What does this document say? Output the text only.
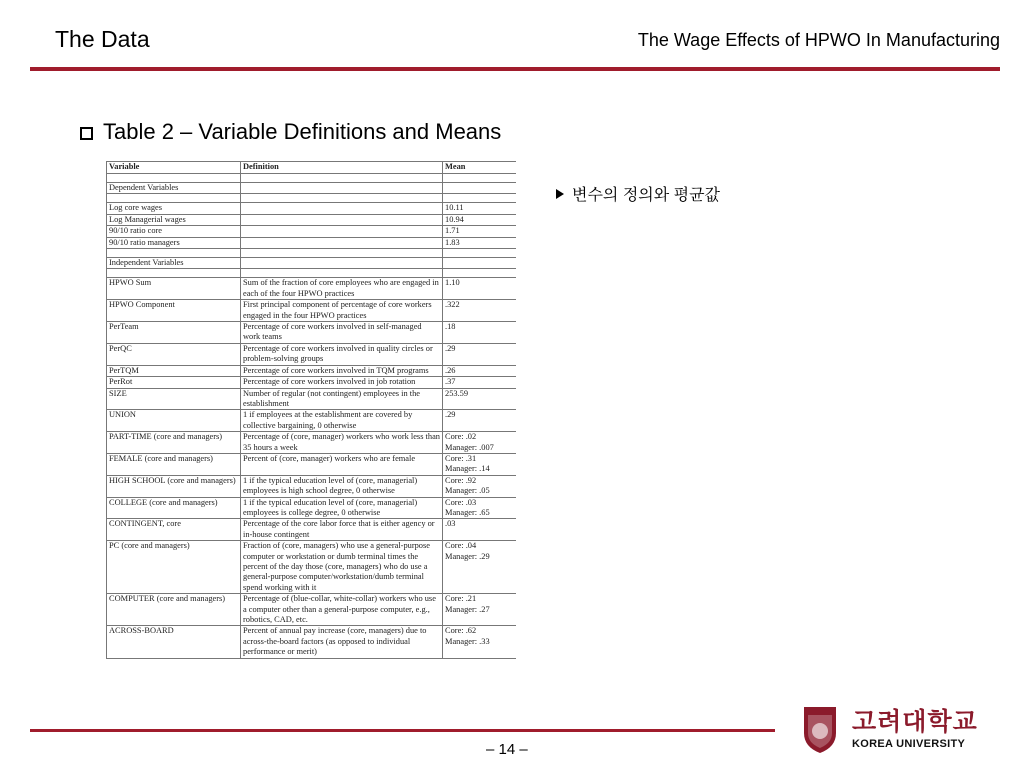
The Data	The Wage Effects of HPWO In Manufacturing
Table 2 – Variable Definitions and Means
Variable	Definition	Mean

Dependent Variables		

Log core wages		10.11
Log Managerial wages		10.94
90/10 ratio core		1.71
90/10 ratio managers		1.83

Independent Variables		

HPWO Sum	Sum of the fraction of core employees who are engaged in each of the four HPWO practices	1.10
HPWO Component	First principal component of percentage of core workers engaged in the four HPWO practices	.322
PerTeam	Percentage of core workers involved in self-managed work teams	.18
PerQC	Percentage of core workers involved in quality circles or problem-solving groups	.29
PerTQM	Percentage of core workers involved in TQM programs	.26
PerRot	Percentage of core workers involved in job rotation	.37
SIZE	Number of regular (not contingent) employees in the establishment	253.59
UNION	1 if employees at the establishment are covered by collective bargaining, 0 otherwise	.29
PART-TIME (core and managers)	Percentage of (core, manager) workers who work less than 35 hours a week	Core: .02
Manager: .007
FEMALE (core and managers)	Percent of (core, manager) workers who are female	Core: .31
Manager: .14
HIGH SCHOOL (core and managers)	1 if the typical education level of (core, managerial) employees is high school degree, 0 otherwise	Core: .92
Manager: .05
COLLEGE (core and managers)	1 if the typical education level of (core, managerial) employees is college degree, 0 otherwise	Core: .03
Manager: .65
CONTINGENT, core	Percentage of the core labor force that is either agency or in-house contingent	.03
PC (core and managers)	Fraction of (core, managers) who use a general-purpose computer or workstation or dumb terminal times the percent of the day those (core, managers) who do use a general-purpose computer/workstation/dumb terminal spend working with it	Core: .04
Manager: .29
COMPUTER (core and managers)	Percentage of (blue-collar, white-collar) workers who use a computer other than a general-purpose computer, e.g., robotics, CAD, etc.	Core: .21
Manager: .27
ACROSS-BOARD	Percent of annual pay increase (core, managers) due to across-the-board factors (as opposed to individual performance or merit)	Core: .62
Manager: .33
변수의 정의와 평균값
– 14 –
고려대학교
KOREA UNIVERSITY
